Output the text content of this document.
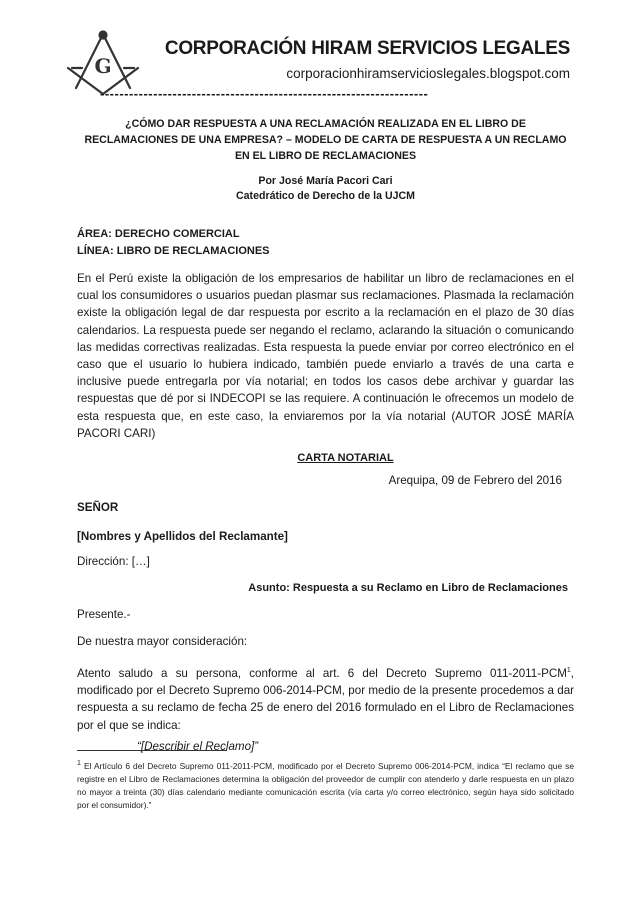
G
CORPORACIÓN HIRAM SERVICIOS LEGALES
corporacionhiramservicioslegales.blogspot.com
--------------------------------------------------------------------

¿CÓMO DAR RESPUESTA A UNA RECLAMACIÓN REALIZADA EN EL LIBRO DE RECLAMACIONES DE UNA EMPRESA? – MODELO DE CARTA DE RESPUESTA A UN RECLAMO EN EL LIBRO DE RECLAMACIONES

Por José María Pacori Cari
Catedrático de Derecho de la UJCM

ÁREA: DERECHO COMERCIAL
LÍNEA: LIBRO DE RECLAMACIONES

En el Perú existe la obligación de los empresarios de habilitar un libro de reclamaciones en el cual los consumidores o usuarios puedan plasmar sus reclamaciones. Plasmada la reclamación existe la obligación legal de dar respuesta por escrito a la reclamación en el plazo de 30 días calendarios. La respuesta puede ser negando el reclamo, aclarando la situación o comunicando las medidas correctivas realizadas. Esta respuesta la puede enviar por correo electrónico en el caso que el usuario lo hubiera indicado, también puede enviarlo a través de una carta e inclusive puede entregarla por vía notarial; en todos los casos debe archivar y guardar las respuestas que dé por si INDECOPI se las requiere. A continuación le ofrecemos un modelo de esta respuesta que, en este caso, la enviaremos por la vía notarial (AUTOR JOSÉ MARÍA PACORI CARI)

CARTA NOTARIAL

Arequipa, 09 de Febrero del 2016

SEÑOR

[Nombres y Apellidos del Reclamante]

Dirección: […]

Asunto: Respuesta a su Reclamo en Libro de Reclamaciones

Presente.-

De nuestra mayor consideración:

Atento saludo a su persona, conforme al art. 6 del Decreto Supremo 011-2011-PCM$^1$, modificado por el Decreto Supremo 006-2014-PCM, por medio de la presente procedemos a dar respuesta a su reclamo de fecha 25 de enero del 2016 formulado en el Libro de Reclamaciones por el que se indica:

“[Describir el Reclamo]”

$^1$ El Artículo 6 del Decreto Supremo 011-2011-PCM, modificado por el Decreto Supremo 006-2014-PCM, indica “El reclamo que se registre en el Libro de Reclamaciones determina la obligación del proveedor de cumplir con atenderlo y darle respuesta en un plazo no mayor a treinta (30) días calendario mediante comunicación escrita (vía carta y/o correo electrónico, según haya sido solicitado por el consumidor).”
